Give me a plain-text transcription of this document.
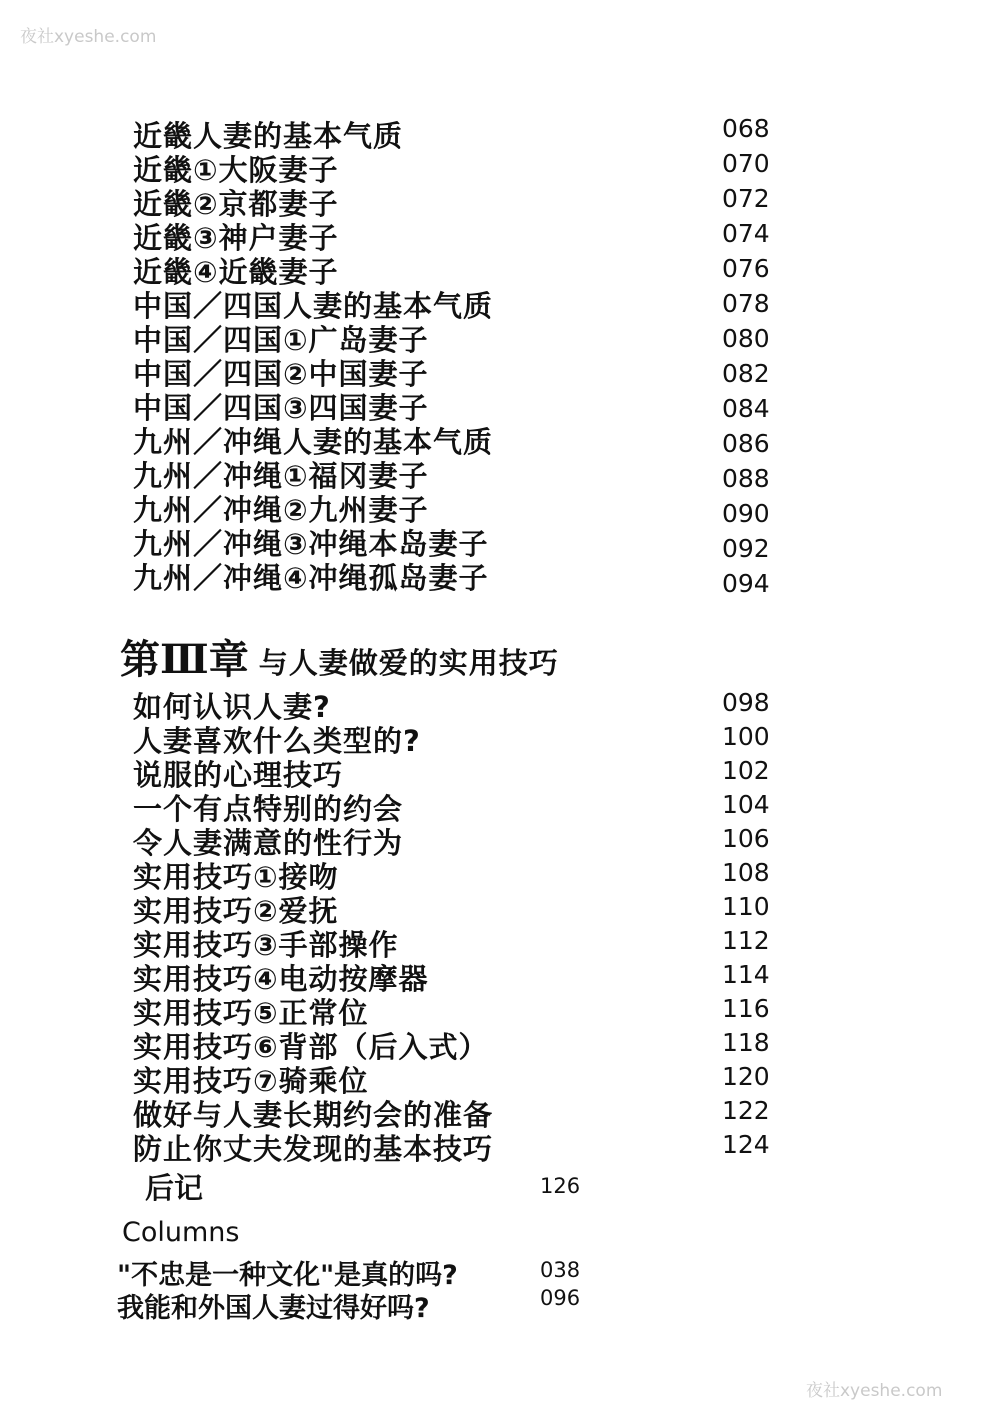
夜社xyeshe.com
近畿人妻的基本气质	068
近畿①大阪妻子	070
近畿②京都妻子	072
近畿③神户妻子	074
近畿④近畿妻子	076
中国／四国人妻的基本气质	078
中国／四国①广岛妻子	080
中国／四国②中国妻子	082
中国／四国③四国妻子	084
九州／冲绳人妻的基本气质	086
九州／冲绳①福冈妻子	088
九州／冲绳②九州妻子	090
九州／冲绳③冲绳本岛妻子	092
九州／冲绳④冲绳孤岛妻子	094
第Ⅲ章 与人妻做爱的实用技巧
如何认识人妻?	098
人妻喜欢什么类型的?	100
说服的心理技巧	102
一个有点特别的约会	104
令人妻满意的性行为	106
实用技巧①接吻	108
实用技巧②爱抚	110
实用技巧③手部操作	112
实用技巧④电动按摩器	114
实用技巧⑤正常位	116
实用技巧⑥背部（后入式）	118
实用技巧⑦骑乘位	120
做好与人妻长期约会的准备	122
防止你丈夫发现的基本技巧	124
后记	126
Columns
"不忠是一种文化"是真的吗?	038
我能和外国人妻过得好吗?	096
夜社xyeshe.com
